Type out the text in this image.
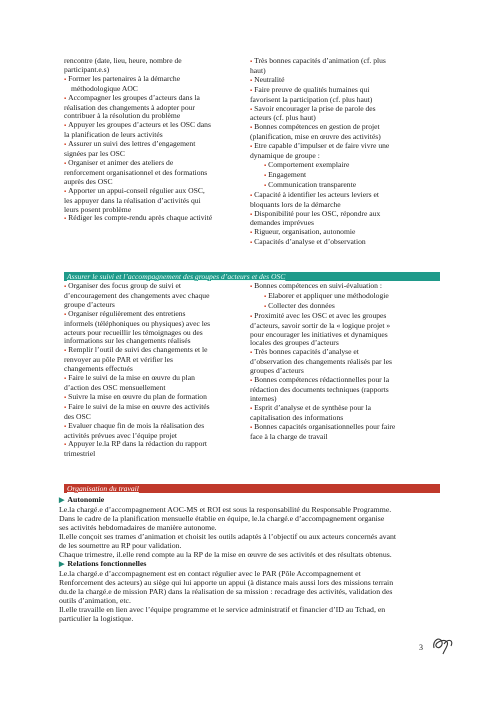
rencontre (date, lieu, heure, nombre de
participant.e.s)
▪ Former les partenaires à la démarche
méthodologique AOC
▪ Accompagner les groupes d’acteurs dans la
réalisation des changements à adopter pour
contribuer à la résolution du problème
▪ Appuyer les groupes d’acteurs et les OSC dans
la planification de leurs activités
▪ Assurer un suivi des lettres d’engagement
signées par les OSC
▪ Organiser et animer des ateliers de
renforcement organisationnel et des formations
auprès des OSC
▪ Apporter un appui-conseil régulier aux OSC,
les appuyer dans la réalisation d’activités qui
leurs posent problème
▪ Rédiger les compte-rendu après chaque activité
▪ Très bonnes capacités d’animation (cf. plus
haut)
▪ Neutralité
▪ Faire preuve de qualités humaines qui
favorisent la participation (cf. plus haut)
▪ Savoir encourager la prise de parole des
acteurs (cf. plus haut)
▪ Bonnes compétences en gestion de projet
(planification, mise en œuvre des activités)
▪ Etre capable d’impulser et de faire vivre une
dynamique de groupe :
▪ Comportement exemplaire
▪ Engagement
▪ Communication transparente
▪ Capacité à identifier les acteurs leviers et
bloquants lors de la démarche
▪ Disponibilité pour les OSC, répondre aux
demandes imprévues
▪ Rigueur, organisation, autonomie
▪ Capacités d’analyse et d’observation
Assurer le suivi et l’accompagnement des groupes d’acteurs et des OSC
▪ Organiser des focus group de suivi et
d’encouragement des changements avec chaque
groupe d’acteurs
▪ Organiser régulièrement des entretiens
informels (téléphoniques ou physiques) avec les
acteurs pour recueillir les témoignages ou des
informations sur les changements réalisés
▪ Remplir l’outil de suivi des changements et le
renvoyer au pôle PAR et vérifier les
changements effectués
▪ Faire le suivi de la mise en œuvre du plan
d’action des OSC mensuellement
▪ Suivre la mise en œuvre du plan de formation
▪ Faire le suivi de la mise en œuvre des activités
des OSC
▪ Evaluer chaque fin de mois la réalisation des
activités prévues avec l’équipe projet
▪ Appuyer le.la RP dans la rédaction du rapport
trimestriel
▪ Bonnes compétences en suivi-évaluation :
▪ Elaborer et appliquer une méthodologie
▪ Collecter des données
▪ Proximité avec les OSC et avec les groupes
d’acteurs, savoir sortir de la « logique projet »
pour encourager les initiatives et dynamiques
locales des groupes d’acteurs
▪ Très bonnes capacités d’analyse et
d’observation des changements réalisés par les
groupes d’acteurs
▪ Bonnes compétences rédactionnelles pour la
rédaction des documents techniques (rapports
internes)
▪ Esprit d’analyse et de synthèse pour la
capitalisation des informations
▪ Bonnes capacités organisationnelles pour faire
face à la charge de travail
Organisation du travail
▶ Autonomie
Le.la chargé.e d’accompagnement AOC-MS et ROI est sous la responsabilité du Responsable Programme.
Dans le cadre de la planification mensuelle établie en équipe, le.la chargé.e d’accompagnement organise
ses activités hebdomadaires de manière autonome.
Il.elle conçoit ses trames d’animation et choisit les outils adaptés à l’objectif ou aux acteurs concernés avant
de les soumettre au RP pour validation.
Chaque trimestre, il.elle rend compte au la RP de la mise en œuvre de ses activités et des résultats obtenus.
▶ Relations fonctionnelles
Le.la chargé.e d’accompagnement est en contact régulier avec le PAR (Pôle Accompagnement et
Renforcement des acteurs) au siège qui lui apporte un appui (à distance mais aussi lors des missions terrain
du.de la chargé.e de mission PAR) dans la réalisation de sa mission : recadrage des activités, validation des
outils d’animation, etc.
Il.elle travaille en lien avec l’équipe programme et le service administratif et financier d’ID au Tchad, en
particulier la logistique.
3
